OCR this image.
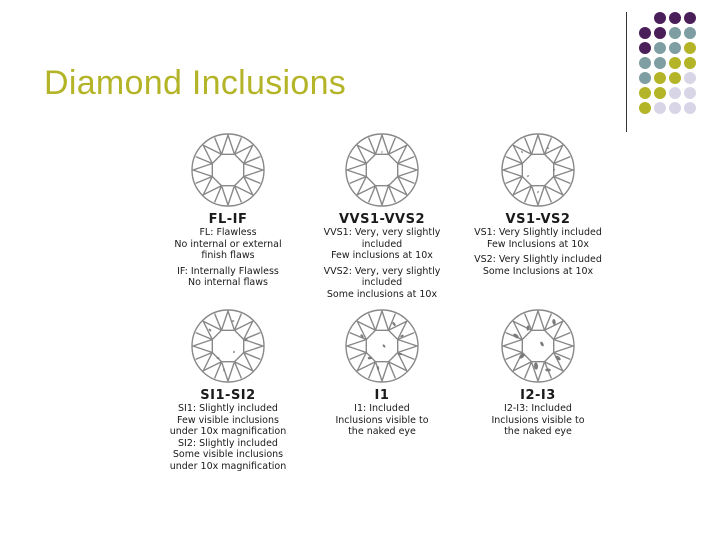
Diamond Inclusions
FL-IF
FL: Flawless
No internal or external
finish flaws
IF: Internally Flawless
No internal flaws
VVS1-VVS2
VVS1: Very, very slightly included
Few inclusions at 10x
VVS2: Very, very slightly included
Some inclusions at 10x
VS1-VS2
VS1: Very Slightly included
Few Inclusions at 10x
VS2: Very Slightly included
Some Inclusions at 10x
SI1-SI2
SI1: Slightly included
Few visible inclusions
under 10x magnification
SI2: Slightly included
Some visible inclusions
under 10x magnification
I1
I1: Included
Inclusions visible to
the naked eye
I2-I3
I2-I3: Included
Inclusions visible to
the naked eye
